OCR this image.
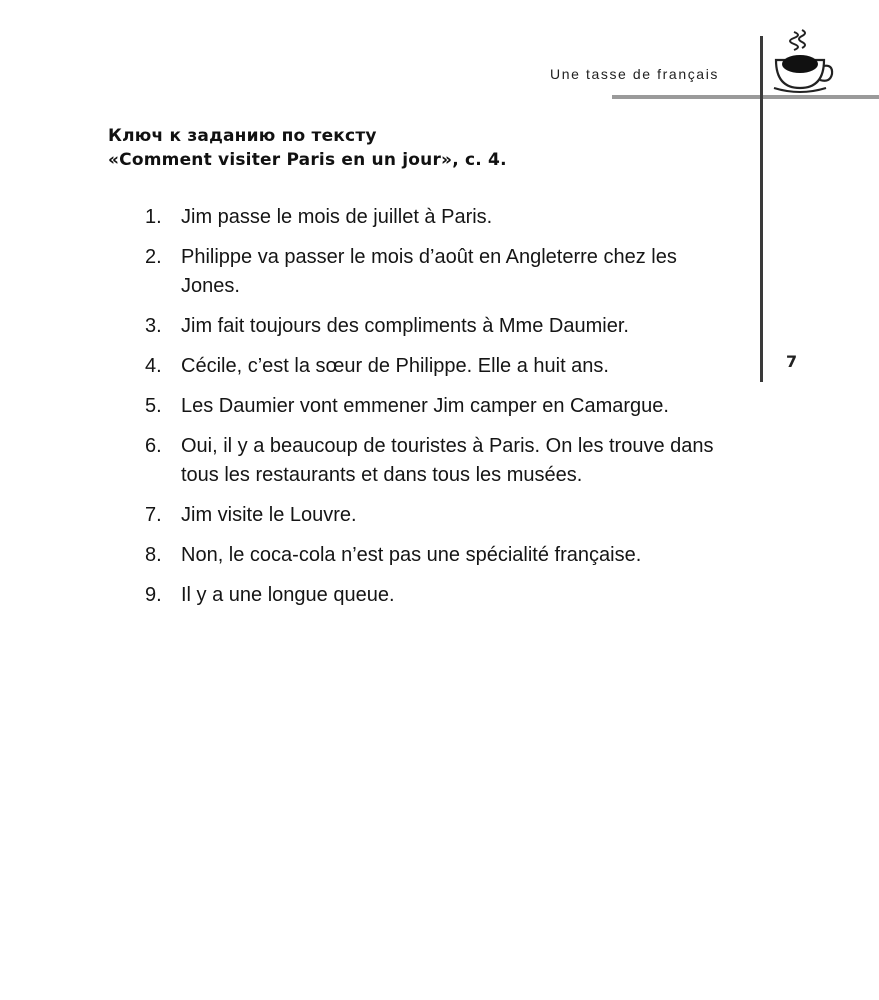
Une tasse de français
7
Ключ к заданию по тексту
«Comment visiter Paris en un jour», c. 4.
1. Jim passe le mois de juillet à Paris.
2. Philippe va passer le mois d’août en Angleterre chez les Jones.
3. Jim fait toujours des compliments à Mme Daumier.
4. Cécile, c’est la sœur de Philippe. Elle a huit ans.
5. Les Daumier vont emmener Jim camper en Camargue.
6. Oui, il y a beaucoup de touristes à Paris. On les trouve dans tous les restaurants et dans tous les musées.
7. Jim visite le Louvre.
8. Non, le coca-cola n’est pas une spécialité française.
9. Il y a une longue queue.
